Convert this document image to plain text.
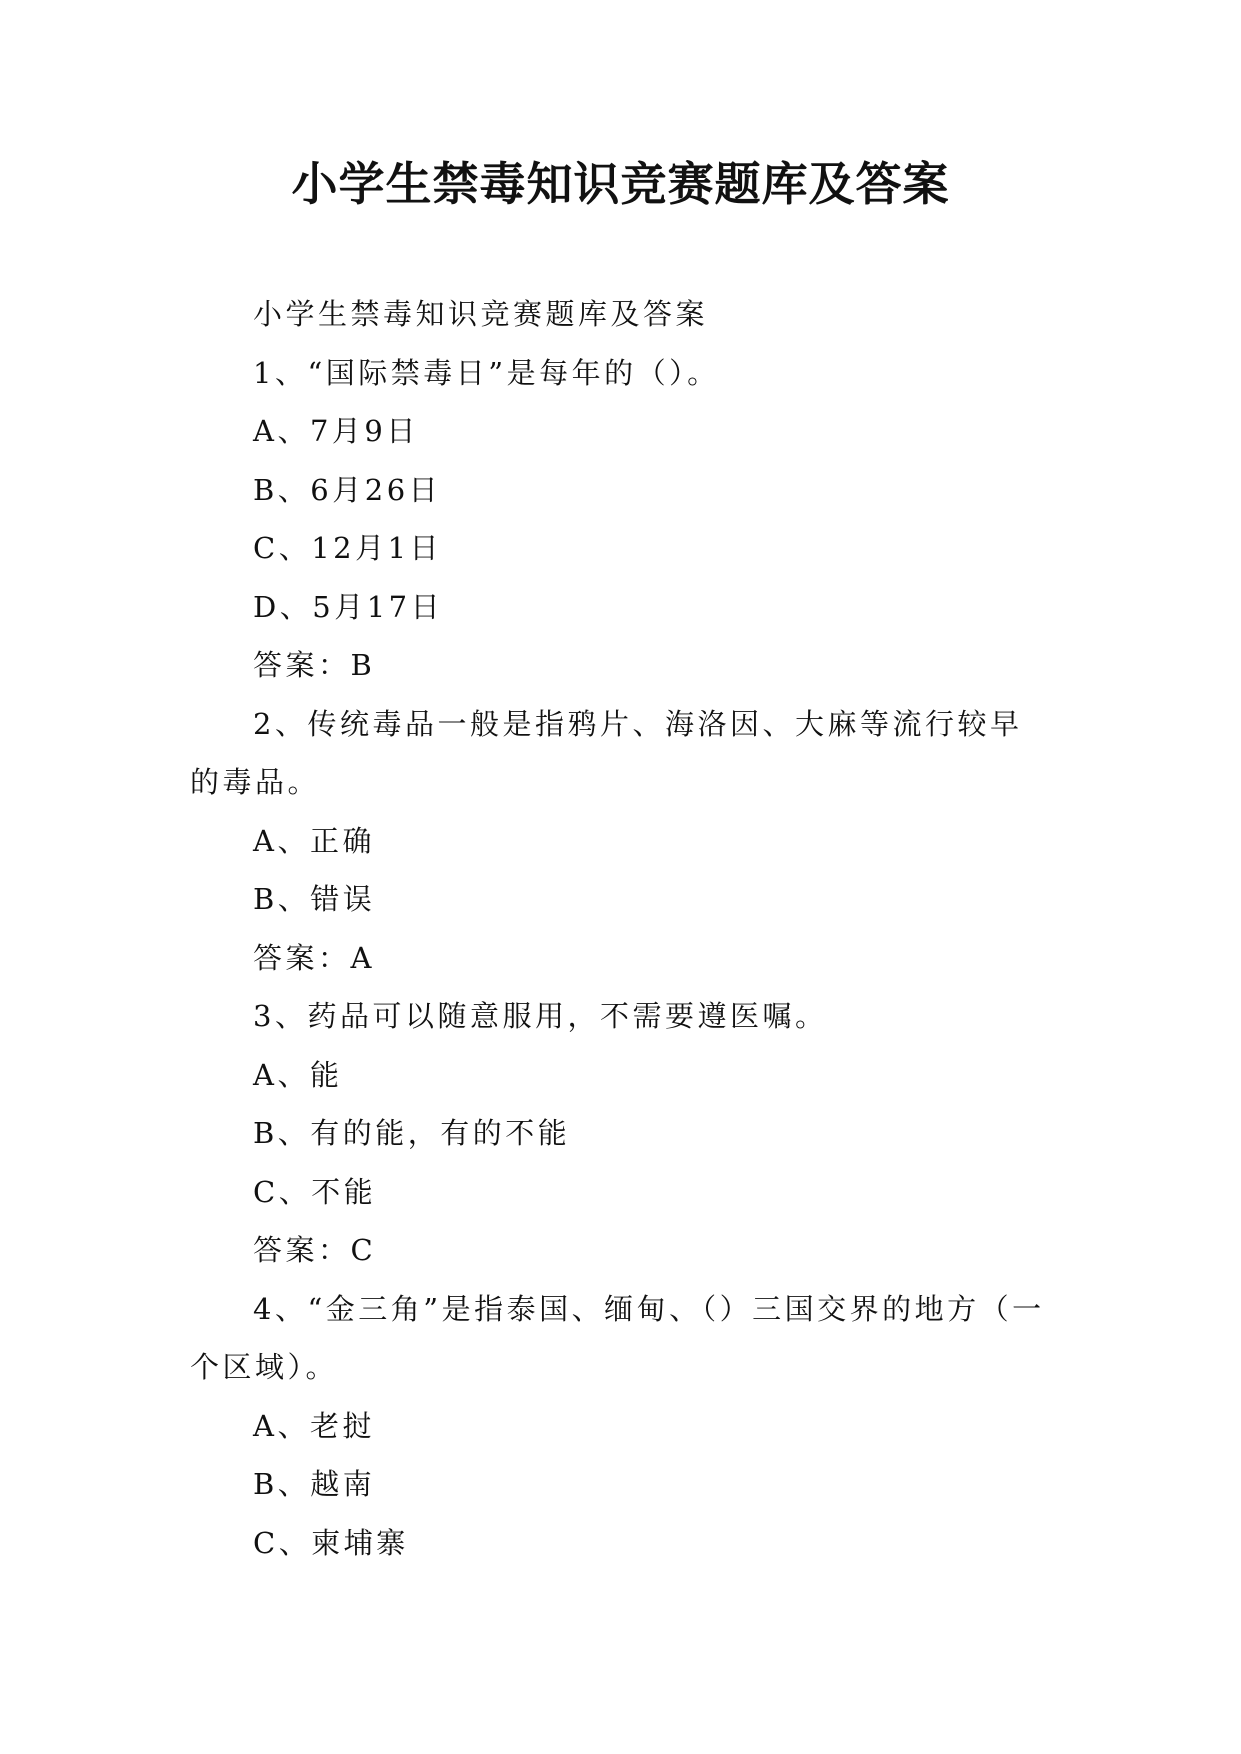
小学生禁毒知识竞赛题库及答案

小学生禁毒知识竞赛题库及答案

1、“国际禁毒日”是每年的（）。

A、7月9日

B、6月26日

C、12月1日

D、5月17日

答案：B

2、传统毒品一般是指鸦片、海洛因、大麻等流行较早的毒品。

A、正确

B、错误

答案：A

3、药品可以随意服用，不需要遵医嘱。

A、能

B、有的能，有的不能

C、不能

答案：C

4、“金三角”是指泰国、缅甸、（）三国交界的地方（一个区域）。

A、老挝

B、越南

C、柬埔寨
